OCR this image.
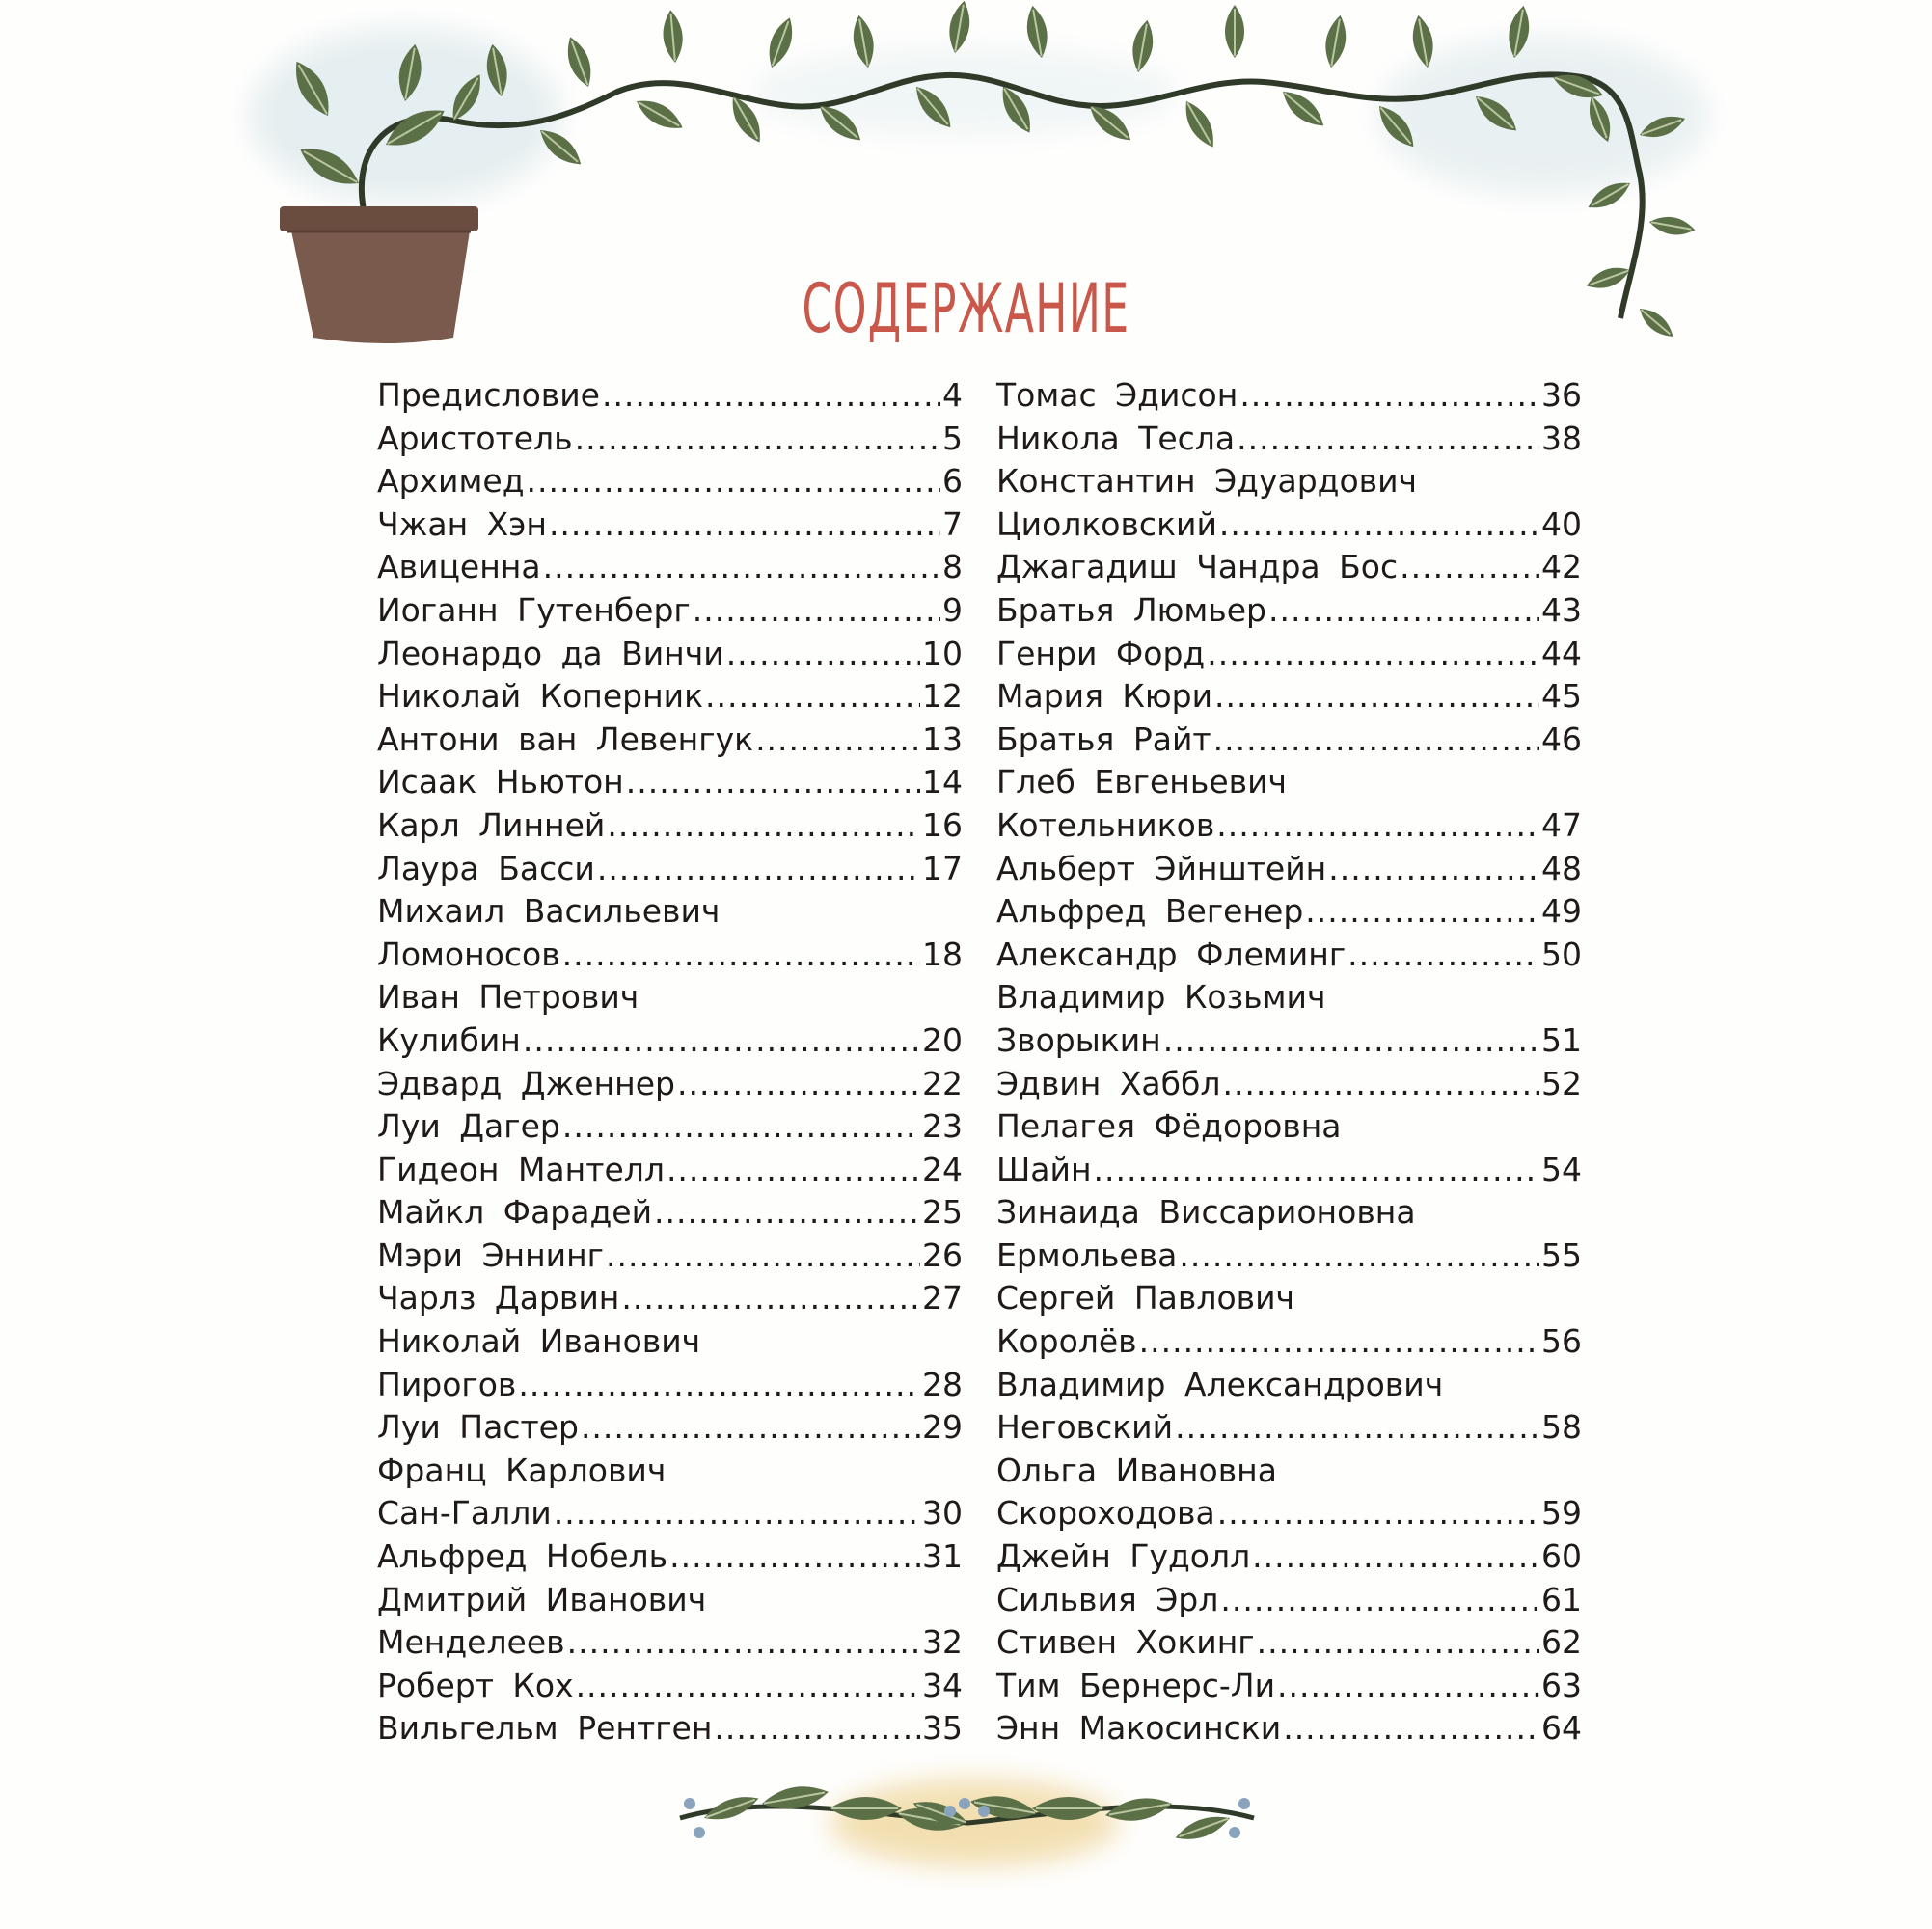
СОДЕРЖАНИЕ
Предисловие .....	4
Аристотель .....	5
Архимед .....	6
Чжан Хэн .....	7
Авиценна .....	8
Иоганн Гутенберг .....	9
Леонардо да Винчи .....	10
Николай Коперник .....	12
Антони ван Левенгук .....	13
Исаак Ньютон .....	14
Карл Линней .....	16
Лаура Басси .....	17
Михаил Васильевич
Ломоносов .....	18
Иван Петрович
Кулибин .....	20
Эдвард Дженнер .....	22
Луи Дагер .....	23
Гидеон Мантелл .....	24
Майкл Фарадей .....	25
Мэри Эннинг .....	26
Чарлз Дарвин .....	27
Николай Иванович
Пирогов .....	28
Луи Пастер .....	29
Франц Карлович
Сан-Галли .....	30
Альфред Нобель .....	31
Дмитрий Иванович
Менделеев .....	32
Роберт Кох .....	34
Вильгельм Рентген .....	35
Томас Эдисон .....	36
Никола Тесла .....	38
Константин Эдуардович
Циолковский .....	40
Джагадиш Чандра Бос .....	42
Братья Люмьер .....	43
Генри Форд .....	44
Мария Кюри .....	45
Братья Райт .....	46
Глеб Евгеньевич
Котельников .....	47
Альберт Эйнштейн .....	48
Альфред Вегенер .....	49
Александр Флеминг .....	50
Владимир Козьмич
Зворыкин .....	51
Эдвин Хаббл .....	52
Пелагея Фёдоровна
Шайн .....	54
Зинаида Виссарионовна
Ермольева .....	55
Сергей Павлович
Королёв .....	56
Владимир Александрович
Неговский .....	58
Ольга Ивановна
Скороходова .....	59
Джейн Гудолл .....	60
Сильвия Эрл .....	61
Стивен Хокинг .....	62
Тим Бернерс-Ли .....	63
Энн Макосински .....	64
